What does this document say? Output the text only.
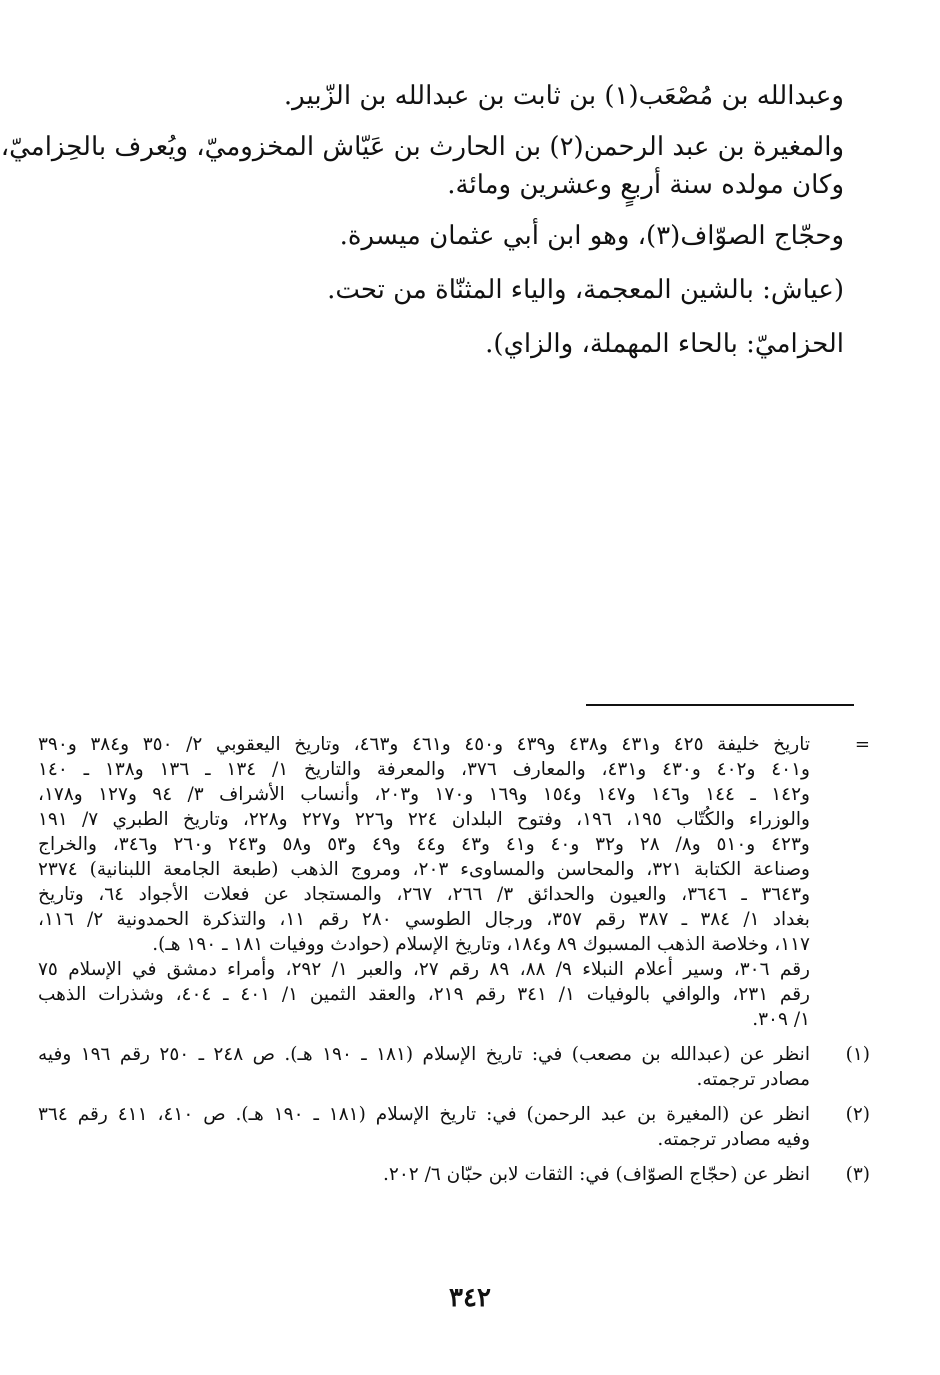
وعبدالله بن مُصْعَب(١) بن ثابت بن عبدالله بن الزّبير.

والمغيرة بن عبد الرحمن(٢) بن الحارث بن عَيّاش المخزوميّ، ويُعرف بالحِزاميّ،

وكان مولده سنة أربعٍ وعشرين ومائة.

وحجّاج الصوّاف(٣)، وهو ابن أبي عثمان ميسرة.

(عياش: بالشين المعجمة، والياء المثنّاة من تحت.

الحزاميّ: بالحاء المهملة، والزاي).

=

تاريخ خليفة ٤٢٥ و٤٣١ و٤٣٨ و٤٣٩ و٤٥٠ و٤٦١ و٤٦٣، وتاريخ اليعقوبي ٢/ ٣٥٠ و٣٨٤ و٣٩٠

و٤٠١ و٤٠٢ و٤٣٠ و٤٣١، والمعارف ٣٧٦، والمعرفة والتاريخ ١/ ١٣٤ ـ ١٣٦ و١٣٨ ـ ١٤٠

و١٤٢ ـ ١٤٤ و١٤٦ و١٤٧ و١٥٤ و١٦٩ و١٧٠ و٢٠٣، وأنساب الأشراف ٣/ ٩٤ و١٢٧ و١٧٨،

والوزراء والكُتّاب ١٩٥، ١٩٦، وفتوح البلدان ٢٢٤ و٢٢٦ و٢٢٧ و٢٢٨، وتاريخ الطبري ٧/ ١٩١

و٤٢٣ و٥١٠ و٨/ ٢٨ و٣٢ و٤٠ و٤١ و٤٣ و٤٤ و٤٩ و٥٣ و٥٨ و٢٤٣ و٢٦٠ و٣٤٦، والخراج

وصناعة الكتابة ٣٢١، والمحاسن والمساوىء ٢٠٣، ومروج الذهب (طبعة الجامعة اللبنانية) ٢٣٧٤

و٣٦٤٣ ـ ٣٦٤٦، والعيون والحدائق ٣/ ٢٦٦، ٢٦٧، والمستجاد عن فعلات الأجواد ٦٤، وتاريخ

بغداد ١/ ٣٨٤ ـ ٣٨٧ رقم ٣٥٧، ورجال الطوسي ٢٨٠ رقم ١١، والتذكرة الحمدونية ٢/ ١١٦،

١١٧، وخلاصة الذهب المسبوك ٨٩ و١٨٤، وتاريخ الإسلام (حوادث ووفيات ١٨١ ـ ١٩٠ هـ).

رقم ٣٠٦، وسير أعلام النبلاء ٩/ ٨٨، ٨٩ رقم ٢٧، والعبر ١/ ٢٩٢، وأمراء دمشق في الإسلام ٧٥

رقم ٢٣١، والوافي بالوفيات ١/ ٣٤١ رقم ٢١٩، والعقد الثمين ١/ ٤٠١ ـ ٤٠٤، وشذرات الذهب

١/ ٣٠٩.

(١)

انظر عن (عبدالله بن مصعب) في: تاريخ الإسلام (١٨١ ـ ١٩٠ هـ). ص ٢٤٨ ـ ٢٥٠ رقم ١٩٦ وفيه

مصادر ترجمته.

(٢)

انظر عن (المغيرة بن عبد الرحمن) في: تاريخ الإسلام (١٨١ ـ ١٩٠ هـ). ص ٤١٠، ٤١١ رقم ٣٦٤

وفيه مصادر ترجمته.

(٣)

انظر عن (حجّاج الصوّاف) في: الثقات لابن حبّان ٦/ ٢٠٢.

٣٤٢
